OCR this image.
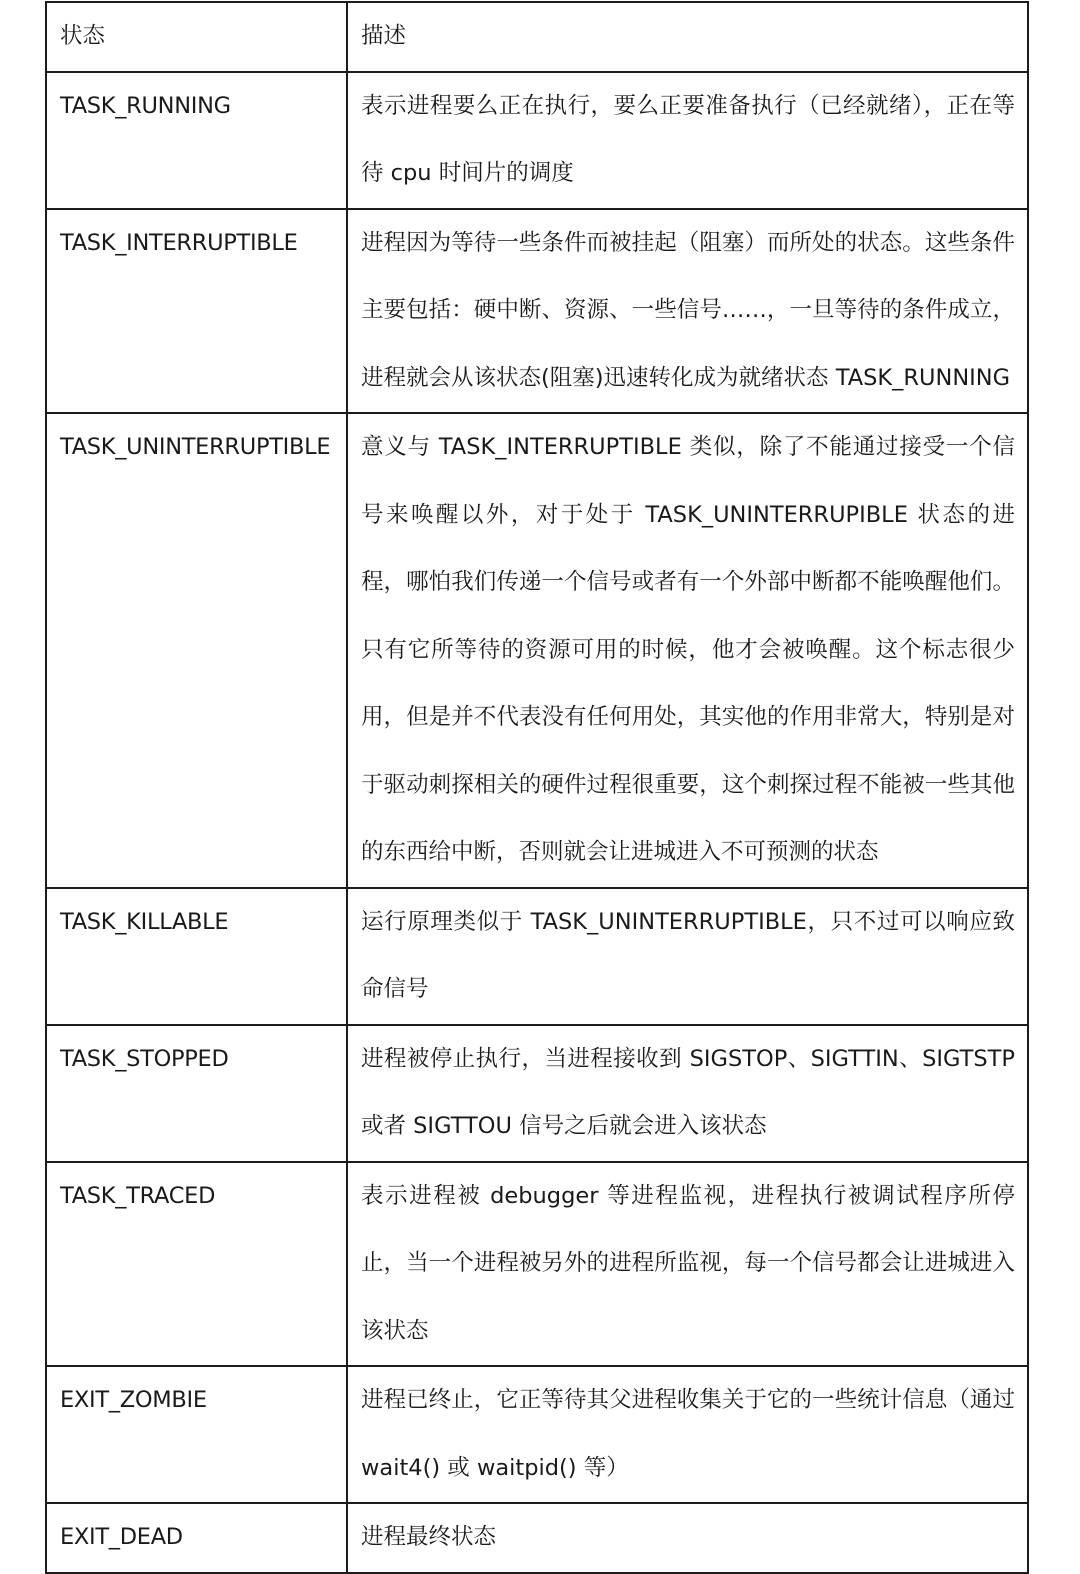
状态	描述
TASK_RUNNING	表示进程要么正在执行，要么正要准备执行（已经就绪），正在等待 cpu 时间片的调度
TASK_INTERRUPTIBLE	进程因为等待一些条件而被挂起（阻塞）而所处的状态。这些条件主要包括：硬中断、资源、一些信号……，一旦等待的条件成立，进程就会从该状态(阻塞)迅速转化成为就绪状态 TASK_RUNNING
TASK_UNINTERRUPTIBLE	意义与 TASK_INTERRUPTIBLE 类似，除了不能通过接受一个信号来唤醒以外，对于处于 TASK_UNINTERRUPIBLE 状态的进程，哪怕我们传递一个信号或者有一个外部中断都不能唤醒他们。只有它所等待的资源可用的时候，他才会被唤醒。这个标志很少用，但是并不代表没有任何用处，其实他的作用非常大，特别是对于驱动刺探相关的硬件过程很重要，这个刺探过程不能被一些其他的东西给中断，否则就会让进城进入不可预测的状态
TASK_KILLABLE	运行原理类似于 TASK_UNINTERRUPTIBLE，只不过可以响应致命信号
TASK_STOPPED	进程被停止执行，当进程接收到 SIGSTOP、SIGTTIN、SIGTSTP 或者 SIGTTOU 信号之后就会进入该状态
TASK_TRACED	表示进程被 debugger 等进程监视，进程执行被调试程序所停止，当一个进程被另外的进程所监视，每一个信号都会让进城进入该状态
EXIT_ZOMBIE	进程已终止，它正等待其父进程收集关于它的一些统计信息（通过 wait4() 或 waitpid() 等）
EXIT_DEAD	进程最终状态
